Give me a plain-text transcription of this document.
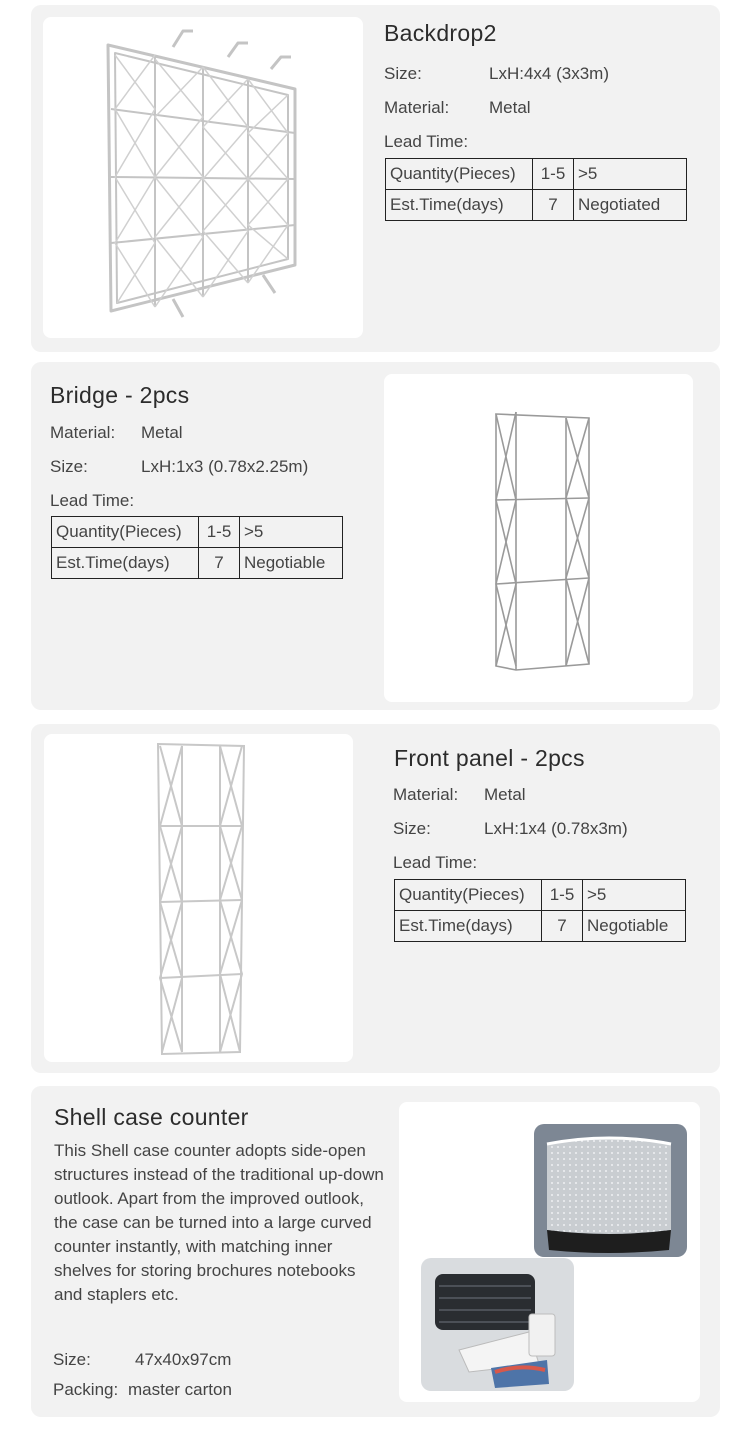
Backdrop2
Size:	LxH:4x4 (3x3m)
Material: Metal
Lead Time:
Quantity(Pieces)	1-5	>5
Est.Time(days)	7	Negotiated
Bridge - 2pcs
Material: Metal
Size:	LxH:1x3 (0.78x2.25m)
Lead Time:
Quantity(Pieces)	1-5	>5
Est.Time(days)	7	Negotiable
Front panel - 2pcs
Material: Metal
Size:	LxH:1x4 (0.78x3m)
Lead Time:
Quantity(Pieces)	1-5	>5
Est.Time(days)	7	Negotiable
Shell case counter
This Shell case counter adopts side-open structures instead of the traditional up-down outlook. Apart from the improved outlook, the case can be turned into a large curved counter instantly, with matching inner shelves for storing brochures notebooks and staplers etc.
Size:	47x40x97cm
Packing: master carton
